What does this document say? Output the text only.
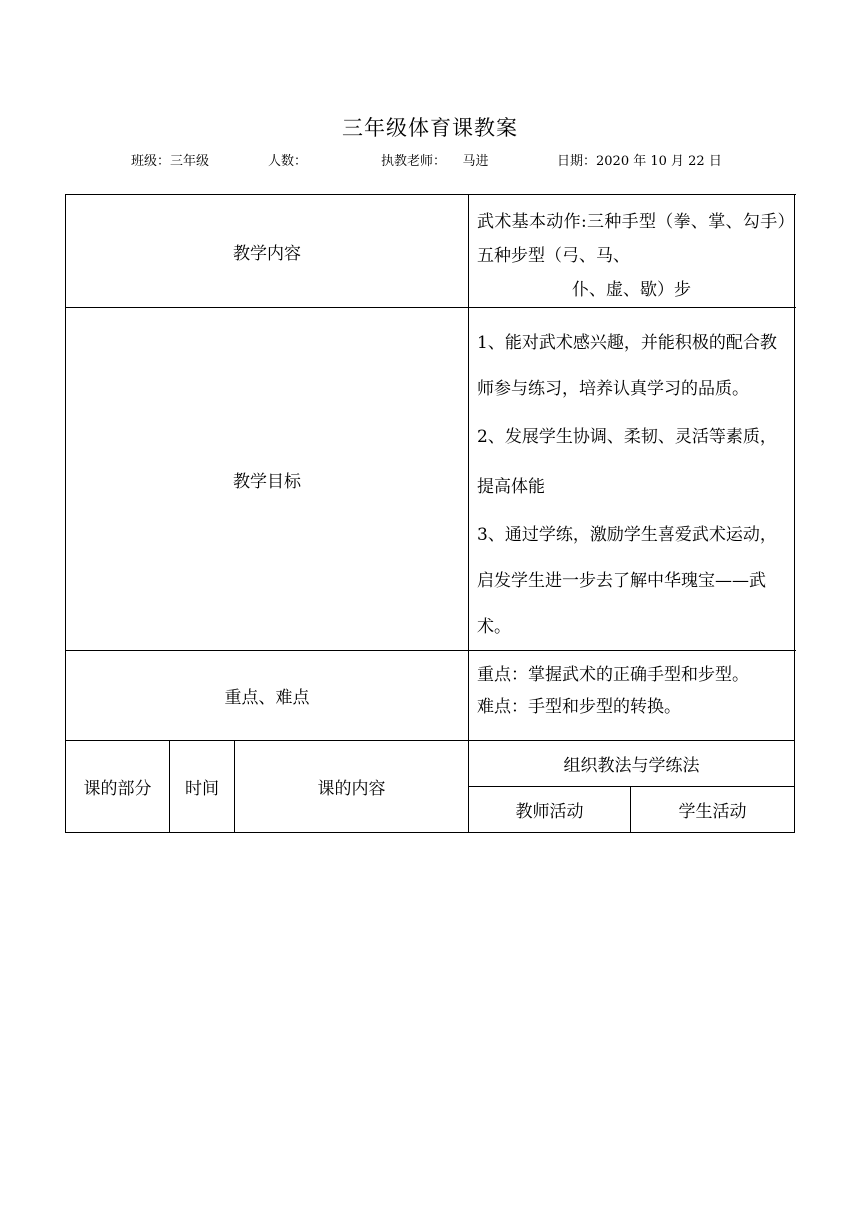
三年级体育课教案
班级：三年级	人数：	执教老师：    马进	日期：2020 年 10 月 22 日
教学内容			武术基本动作:三种手型（拳、掌、勾手）五种步型（弓、马、
仆、虚、歇）步	

教学目标			1、能对武术感兴趣，并能积极的配合教师参与练习，培养认真学习的品质。

2、发展学生协调、柔韧、灵活等素质，提高体能

3、通过学练，激励学生喜爱武术运动，启发学生进一步去了解中华瑰宝——武术。	

重点、难点			重点：掌握武术的正确手型和步型。

难点：手型和步型的转换。	

课的部分	时间	课的内容	组织教法与学练法	
			教师活动	学生活动
